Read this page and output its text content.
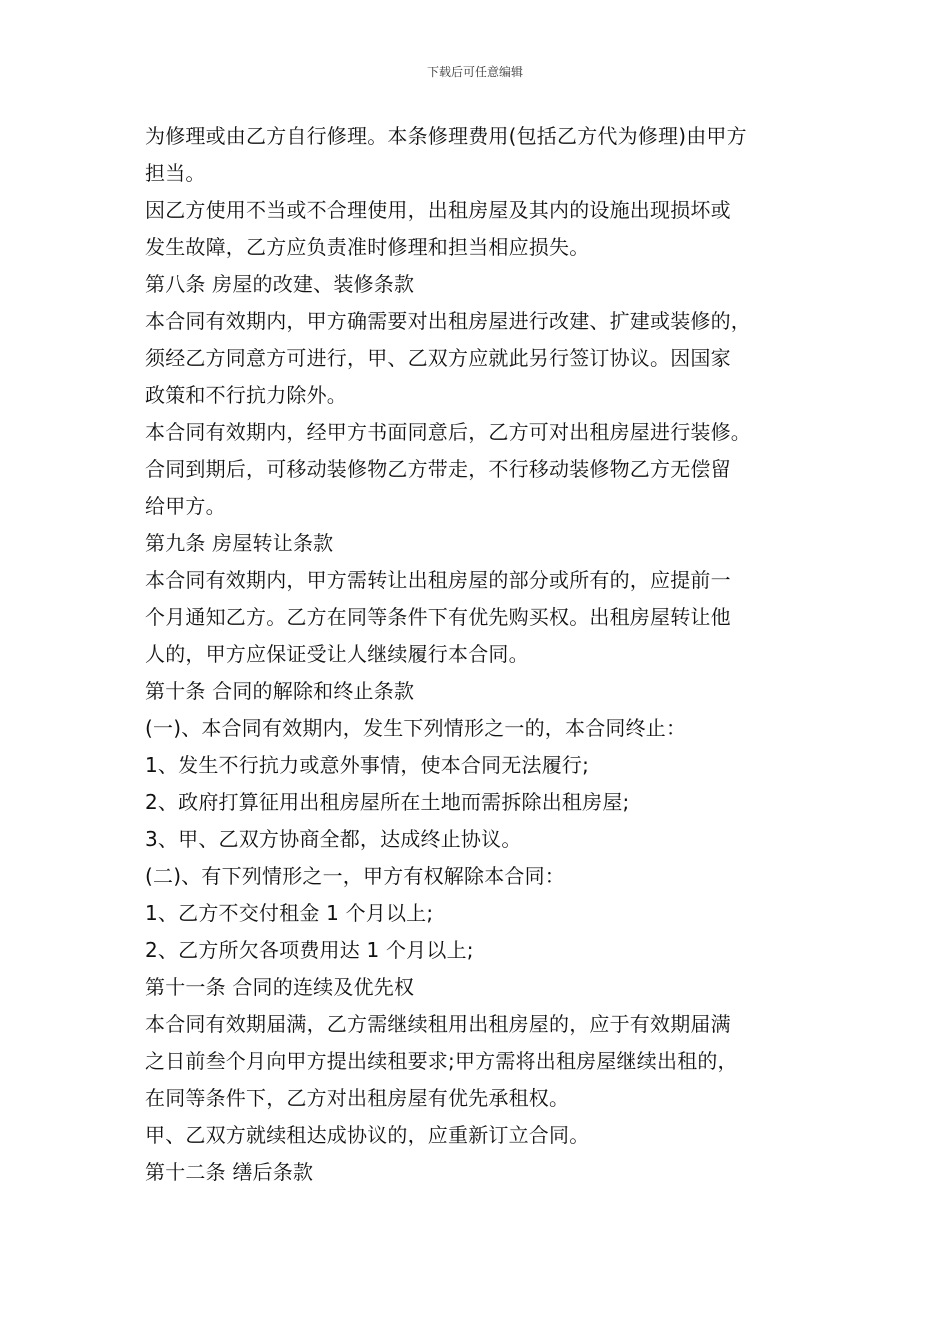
下载后可任意编辑
为修理或由乙方自行修理。本条修理费用(包括乙方代为修理)由甲方
担当。
因乙方使用不当或不合理使用，出租房屋及其内的设施出现损坏或
发生故障，乙方应负责准时修理和担当相应损失。
第八条 房屋的改建、装修条款
本合同有效期内，甲方确需要对出租房屋进行改建、扩建或装修的，
须经乙方同意方可进行，甲、乙双方应就此另行签订协议。因国家
政策和不行抗力除外。
本合同有效期内，经甲方书面同意后，乙方可对出租房屋进行装修。
合同到期后，可移动装修物乙方带走，不行移动装修物乙方无偿留
给甲方。
第九条 房屋转让条款
本合同有效期内，甲方需转让出租房屋的部分或所有的，应提前一
个月通知乙方。乙方在同等条件下有优先购买权。出租房屋转让他
人的，甲方应保证受让人继续履行本合同。
第十条 合同的解除和终止条款
(一)、本合同有效期内，发生下列情形之一的，本合同终止：
1、发生不行抗力或意外事情，使本合同无法履行;
2、政府打算征用出租房屋所在土地而需拆除出租房屋;
3、甲、乙双方协商全都，达成终止协议。
(二)、有下列情形之一，甲方有权解除本合同：
1、乙方不交付租金 1 个月以上;
2、乙方所欠各项费用达 1 个月以上;
第十一条 合同的连续及优先权
本合同有效期届满，乙方需继续租用出租房屋的，应于有效期届满
之日前叁个月向甲方提出续租要求;甲方需将出租房屋继续出租的，
在同等条件下，乙方对出租房屋有优先承租权。
甲、乙双方就续租达成协议的，应重新订立合同。
第十二条 缮后条款
